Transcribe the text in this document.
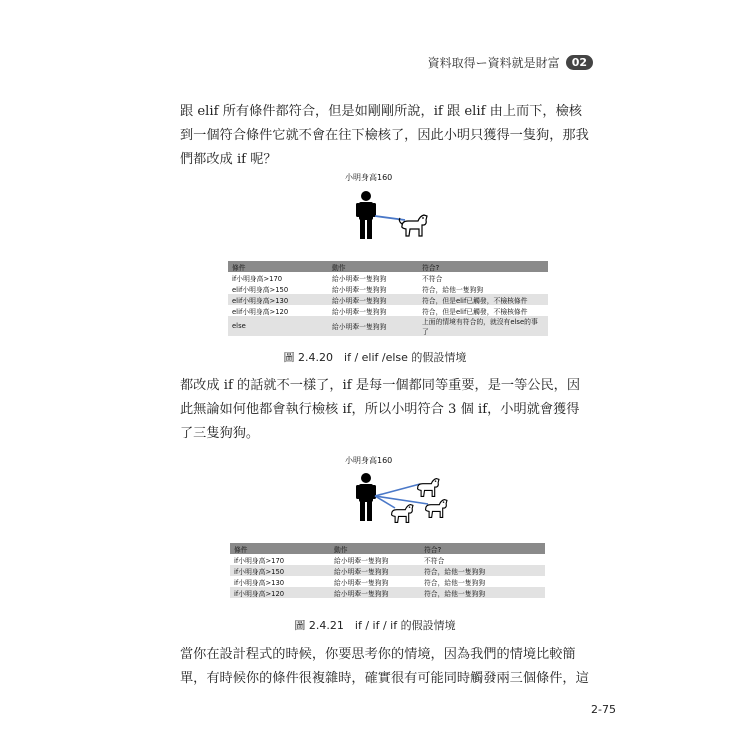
資料取得ー資料就是財富	02
跟 elif 所有條件都符合，但是如剛剛所說，if 跟 elif 由上而下，檢核到一個符合條件它就不會在往下檢核了，因此小明只獲得一隻狗，那我們都改成 if 呢？
小明身高160
條件	動作	符合?
if小明身高>170	給小明牽一隻狗狗	不符合
elif小明身高>150	給小明牽一隻狗狗	符合，給他一隻狗狗
elif小明身高>130	給小明牽一隻狗狗	符合，但是elif已觸發，不檢核條件
elif小明身高>120	給小明牽一隻狗狗	符合，但是elif已觸發，不檢核條件
else	給小明牽一隻狗狗	上面的情境有符合的，就沒有else的事了
圖 2.4.20　if / elif /else 的假設情境
都改成 if 的話就不一樣了，if 是每一個都同等重要，是一等公民，因此無論如何他都會執行檢核 if，所以小明符合 3 個 if，小明就會獲得了三隻狗狗。
小明身高160
條件	動作	符合?
if小明身高>170	給小明牽一隻狗狗	不符合
if小明身高>150	給小明牽一隻狗狗	符合，給他一隻狗狗
if小明身高>130	給小明牽一隻狗狗	符合，給他一隻狗狗
if小明身高>120	給小明牽一隻狗狗	符合，給他一隻狗狗
圖 2.4.21　if / if / if 的假設情境
當你在設計程式的時候，你要思考你的情境，因為我們的情境比較簡單，有時候你的條件很複雜時，確實很有可能同時觸發兩三個條件，這
2-75
